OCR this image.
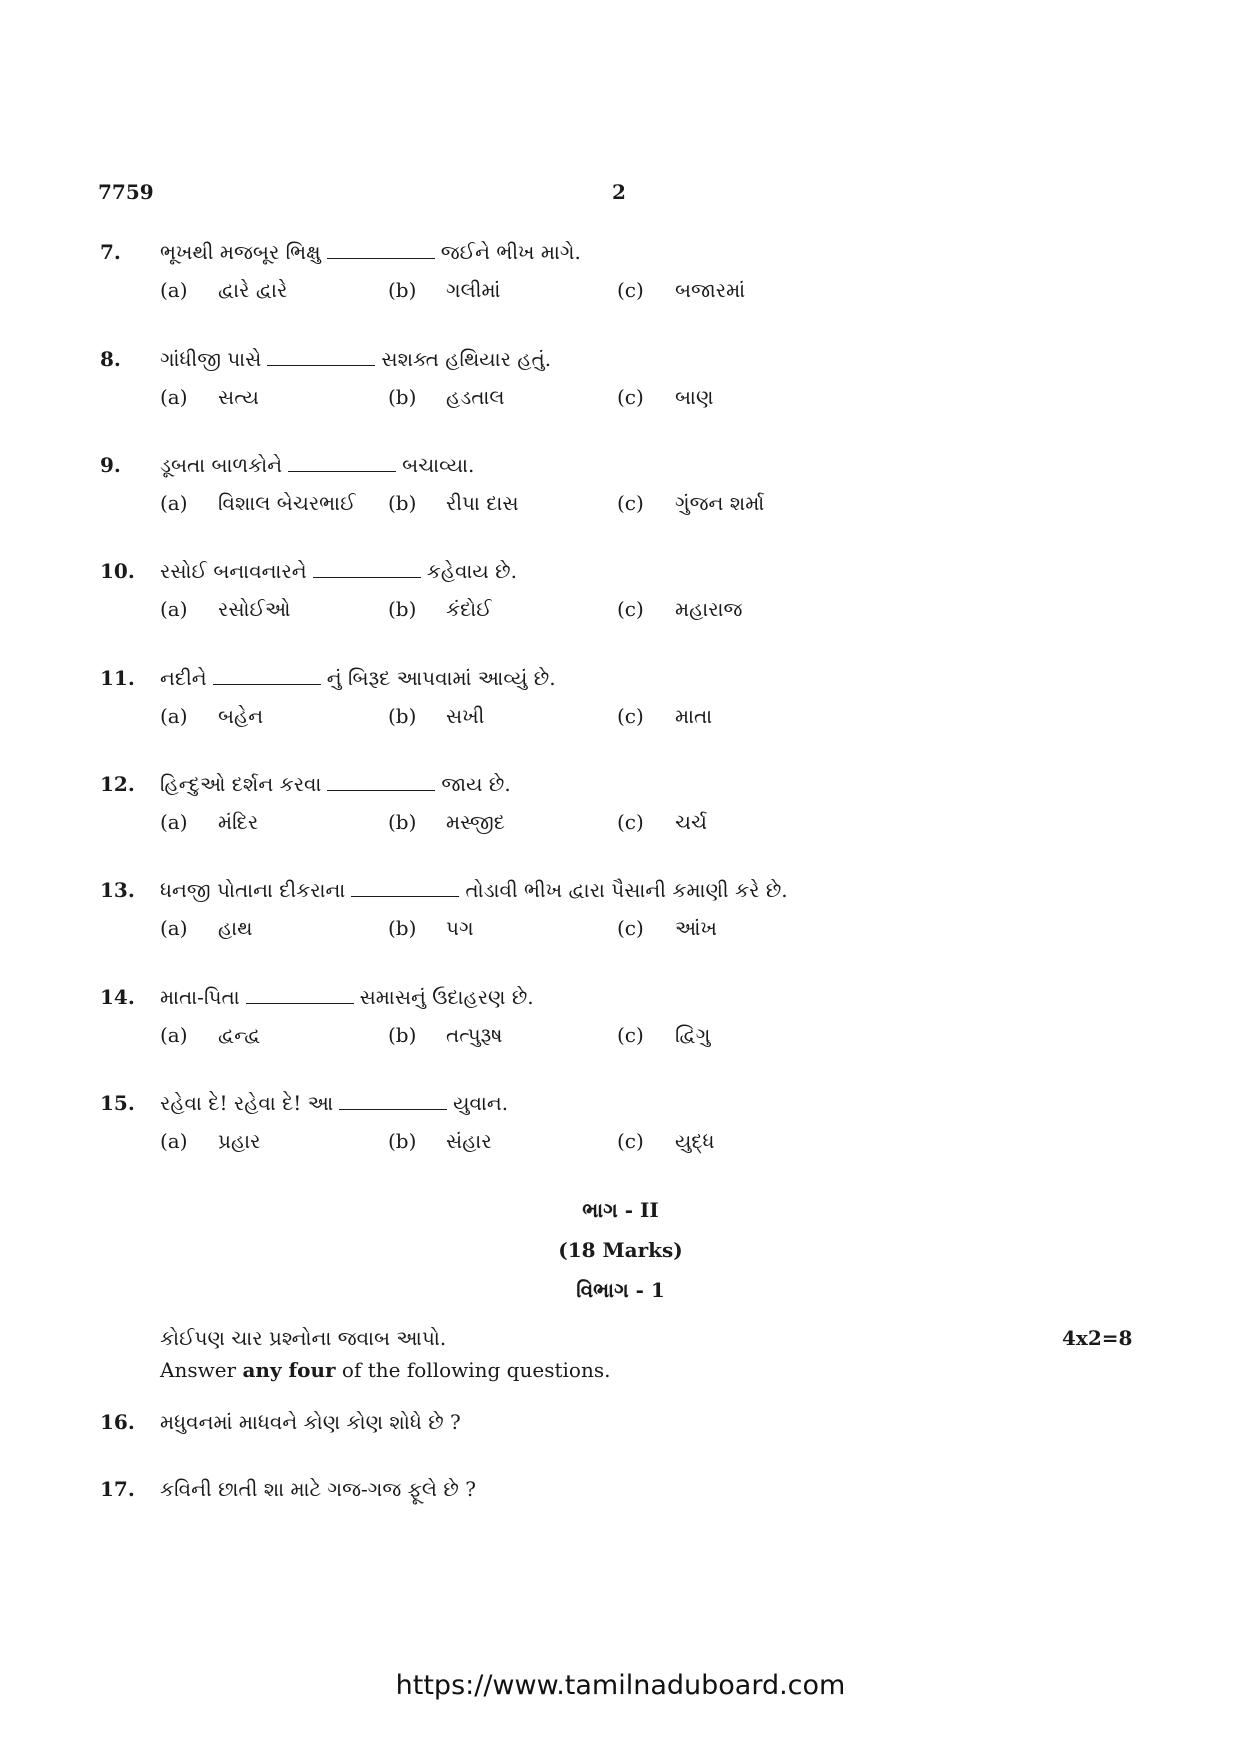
7759	2
7. ભૂખથી મજબૂર ભિક્ષુ	જઈને ભીખ માગે.
(a) દ્વારે દ્વારે	(b) ગલીમાં	(c) બજારમાં
8. ગાંધીજી પાસે	સશક્ત હથિયાર હતું.
(a) સત્ય	(b) હડતાલ	(c) બાણ
9. ડૂબતા બાળકોને	બચાવ્યા.
(a) વિશાલ બેચરભાઈ (b) રીપા દાસ	(c) ગુંજન શર્મા
10. રસોઈ બનાવનારને	કહેવાય છે.
(a) રસોઈઓ	(b) કંદોઈ	(c) મહારાજ
11. નદીને	નું બિરૂદ આપવામાં આવ્યું છે.
(a) બહેન	(b) સખી	(c) માતા
12. હિન્દુઓ દર્શન કરવા	જાય છે.
(a) મંદિર	(b) મસ્જીદ	(c) ચર્ચ
13. ધનજી પોતાના દીકરાના	તોડાવી ભીખ દ્વારા પૈસાની કમાણી કરે છે.
(a) હાથ	(b) પગ	(c) આંખ
14. માતા-પિતા	સમાસનું ઉદાહરણ છે.
(a) દ્વન્દ્વ	(b) તત્પુરૂષ	(c) દ્વિગુ
15. રહેવા દે! રહેવા દે! આ	યુવાન.
(a) પ્રહાર	(b) સંહાર	(c) યુદ્ધ
ભાગ - II
(18 Marks)
વિભાગ - 1
કોઈપણ ચાર પ્રશ્નોના જવાબ આપો.	4x2=8
Answer any four of the following questions.
16. મધુવનમાં માધવને કોણ કોણ શોધે છે ?
17. કવિની છાતી શા માટે ગજ-ગજ ફૂલે છે ?
https://www.tamilnaduboard.com
